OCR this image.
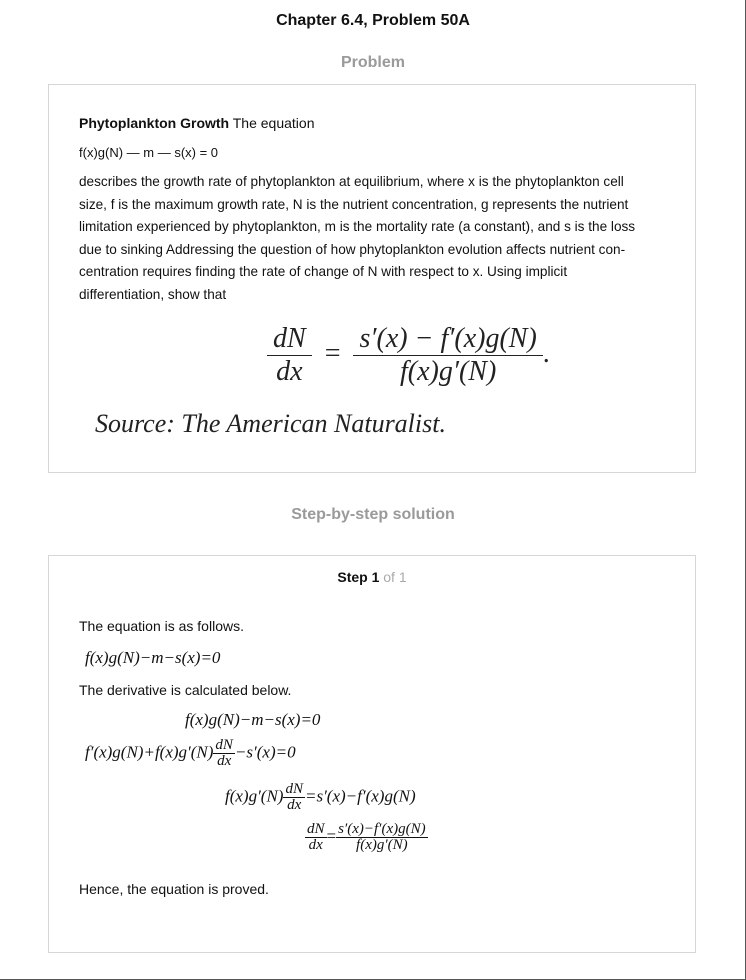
Chapter 6.4, Problem 50A
Problem
Phytoplankton Growth The equation
f(x)g(N) — m — s(x) = 0
describes the growth rate of phytoplankton at equilibrium, where x is the phytoplankton cell
size, f is the maximum growth rate, N is the nutrient concentration, g represents the nutrient
limitation experienced by phytoplankton, m is the mortality rate (a constant), and s is the loss
due to sinking Addressing the question of how phytoplankton evolution affects nutrient con-
centration requires finding the rate of change of N with respect to x. Using implicit
differentiation, show that
$\frac{dN}{dx} = \frac{s'(x) - f'(x)g(N)}{f(x)g'(N)}$ .
Source: The American Naturalist.
Step-by-step solution
Step 1 of 1
The equation is as follows.
f(x)g(N)−m−s(x)=0
The derivative is calculated below.
f(x)g(N)−m−s(x)=0
$f'(x)g(N)+f(x)g'(N) \frac{dN}{dx} -s'(x)=0$
$f(x)g'(N) \frac{dN}{dx} =s'(x)-f'(x)g(N)$
$\frac{dN}{dx} = \frac{s'(x)-f'(x)g(N)}{f(x)g'(N)}$
Hence, the equation is proved.
